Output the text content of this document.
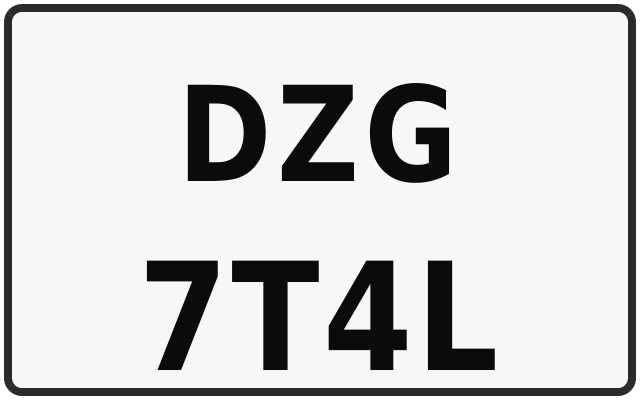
DZG
7T4L
